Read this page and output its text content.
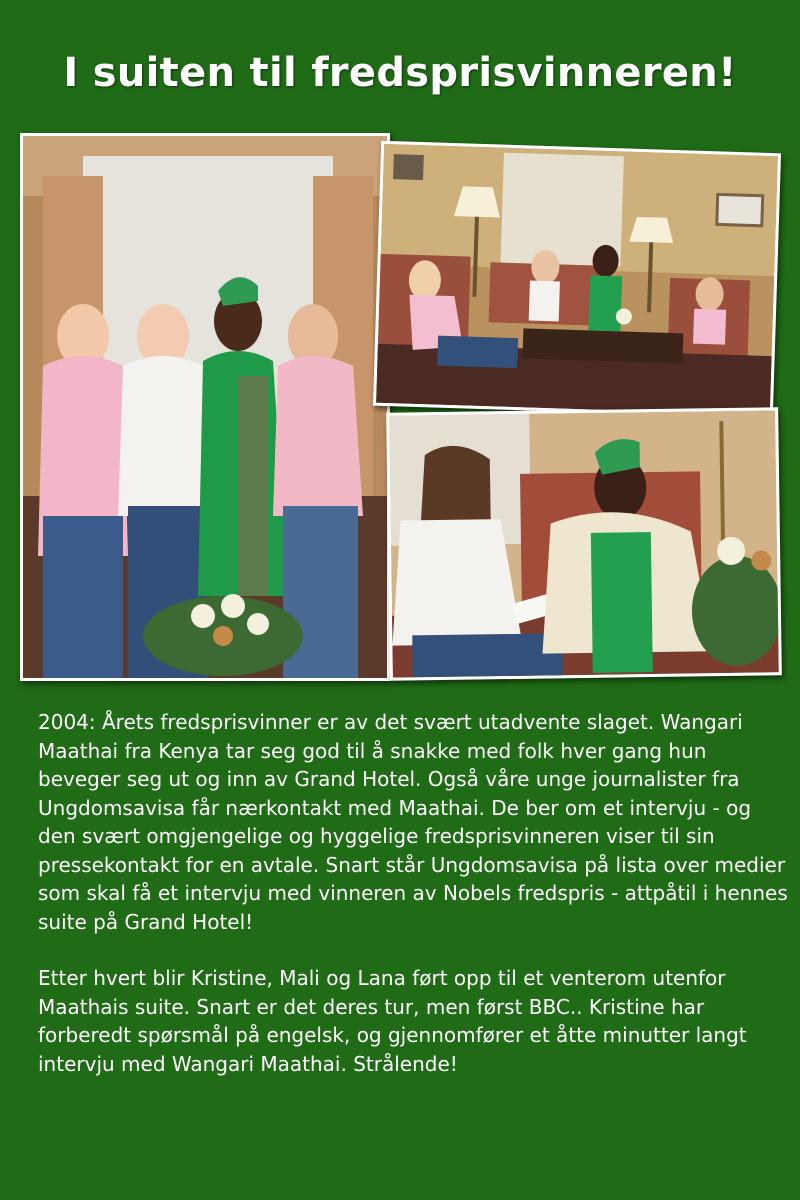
I suiten til fredsprisvinneren!

2004: Årets fredsprisvinner er av det svært utadvente slaget. Wangari Maathai fra Kenya tar seg god til å snakke med folk hver gang hun beveger seg ut og inn av Grand Hotel. Også våre unge journalister fra Ungdomsavisa får nærkontakt med Maathai. De ber om et intervju - og den svært omgjengelige og hyggelige fredsprisvinneren viser til sin pressekontakt for en avtale. Snart står Ungdomsavisa på lista over medier som skal få et intervju med vinneren av Nobels fredspris - attpåtil i hennes suite på Grand Hotel!

Etter hvert blir Kristine, Mali og Lana ført opp til et venterom utenfor Maathais suite. Snart er det deres tur, men først BBC.. Kristine har forberedt spørsmål på engelsk, og gjennomfører et åtte minutter langt intervju med Wangari Maathai. Strålende!
